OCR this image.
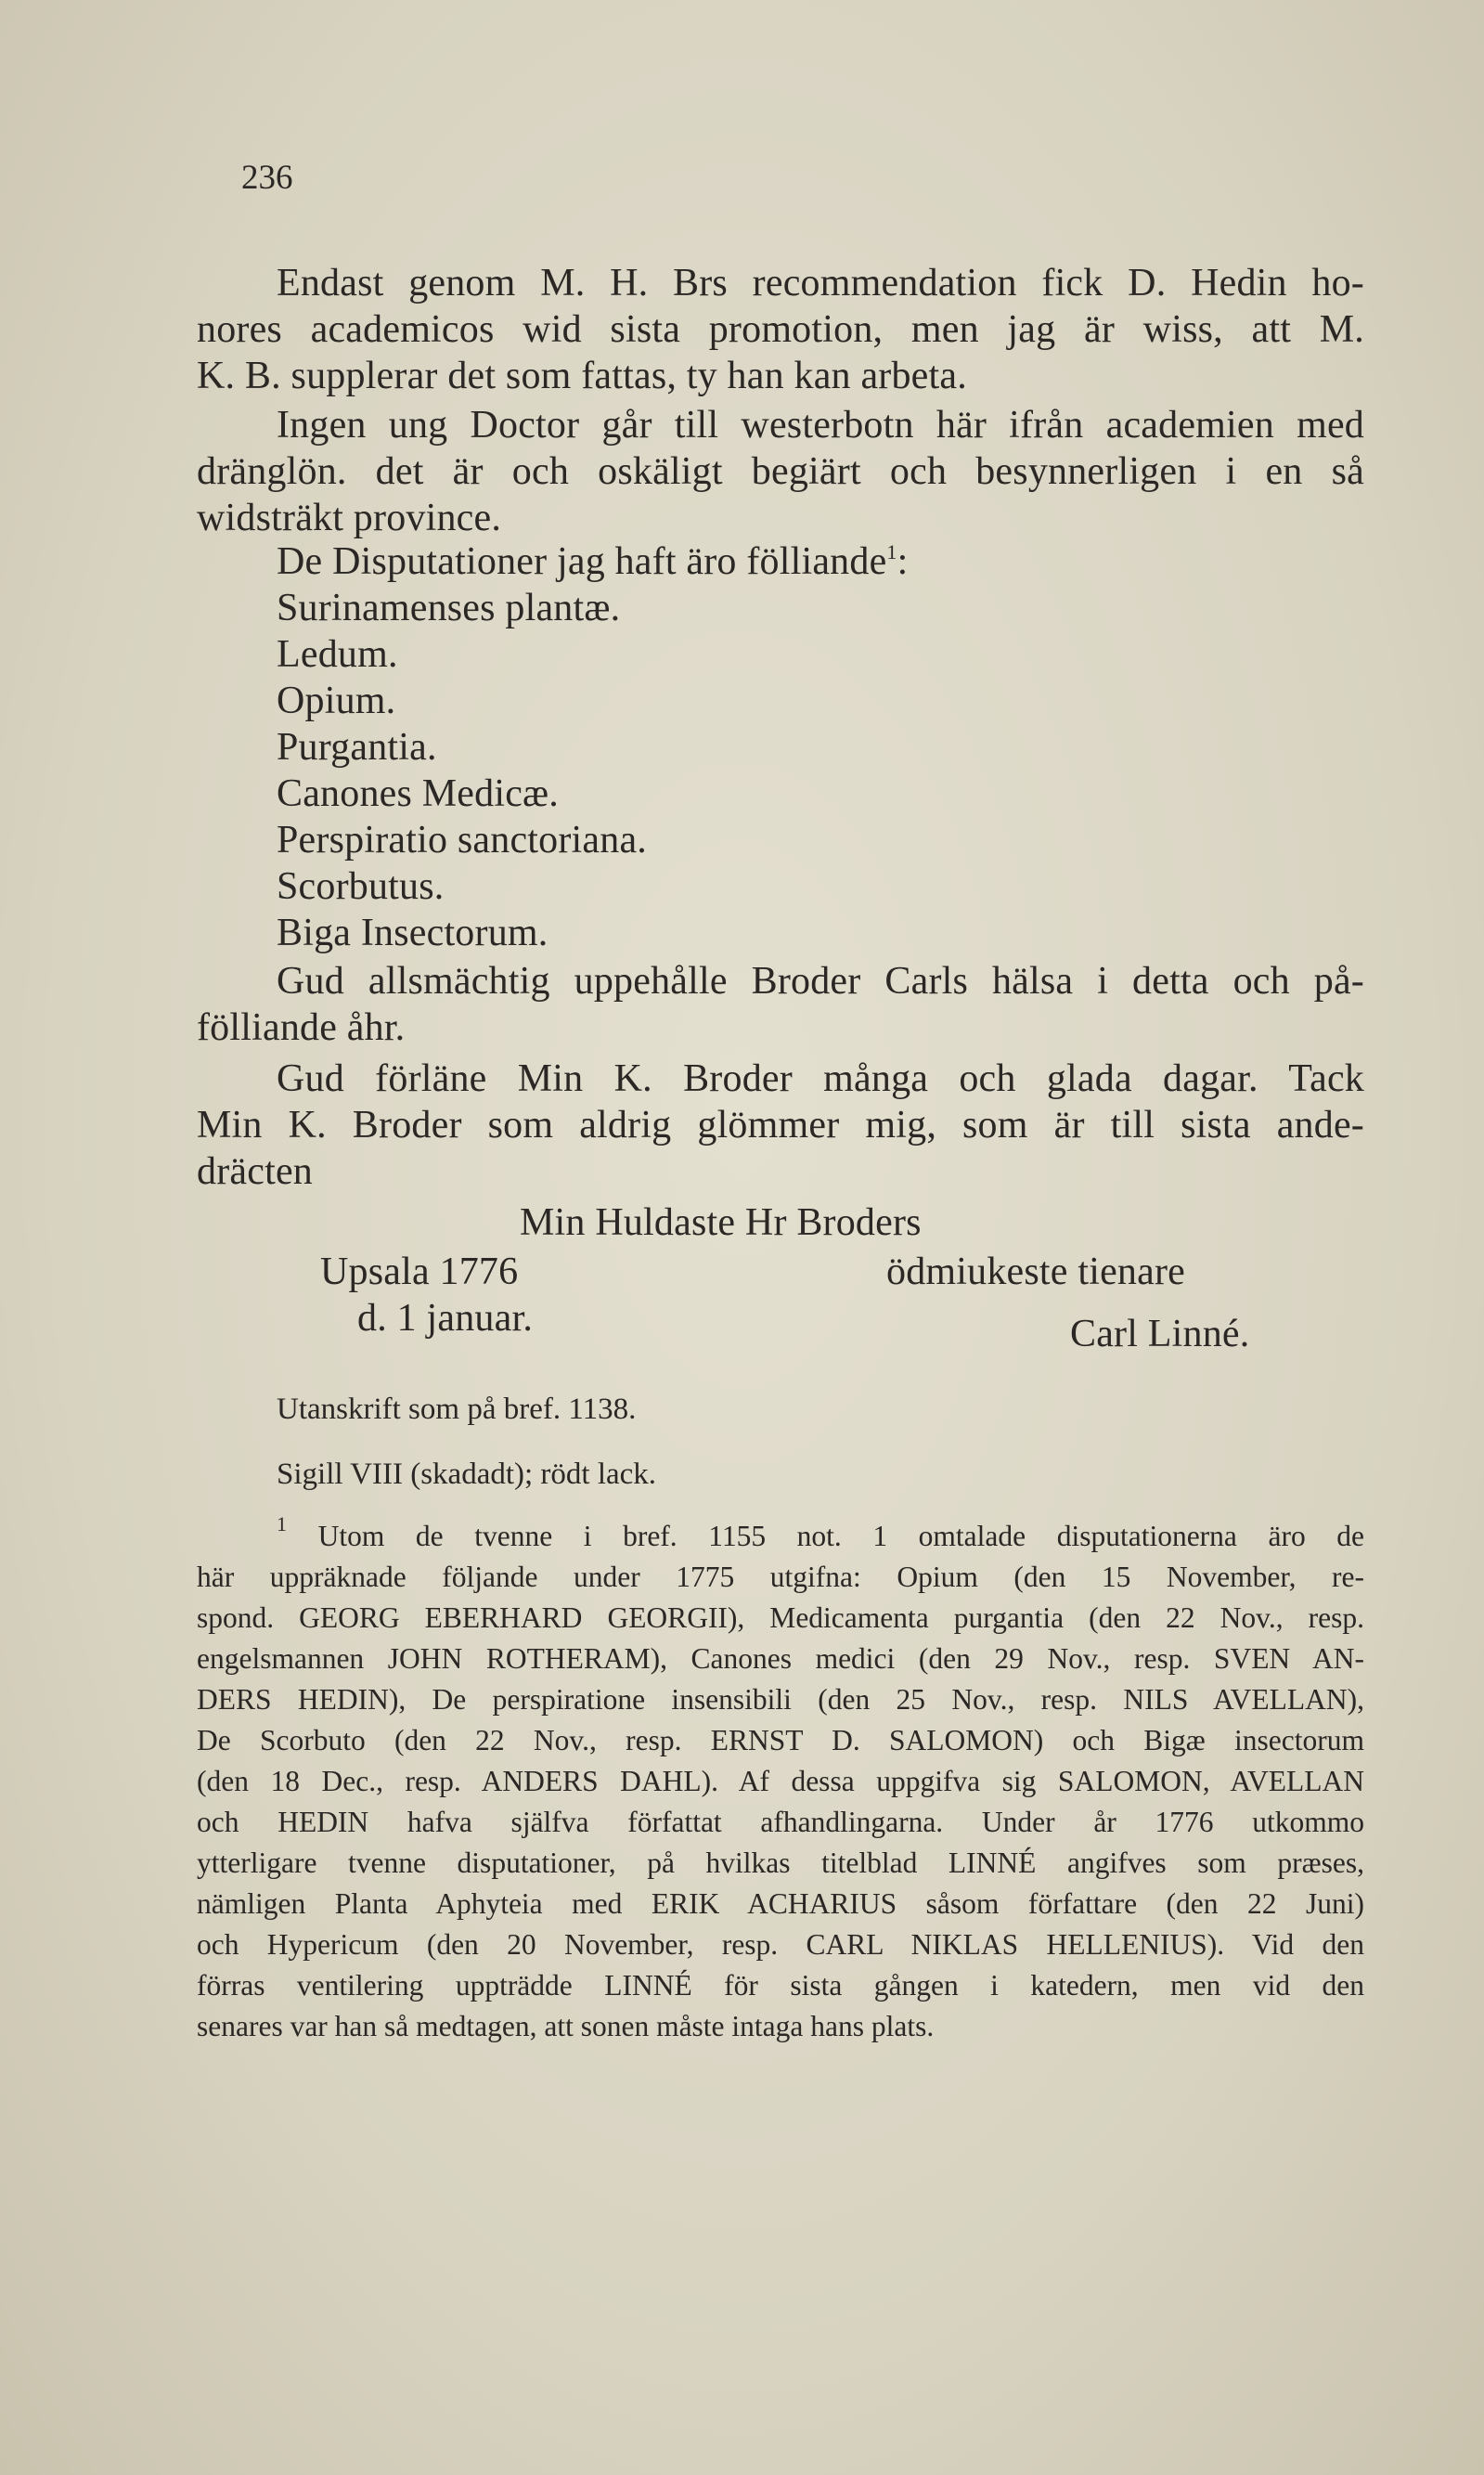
236
Endast genom M. H. Brs recommendation fick D. Hedin ho-
nores academicos wid sista promotion, men jag är wiss, att M.
K. B. supplerar det som fattas, ty han kan arbeta.
Ingen ung Doctor går till westerbotn här ifrån academien med
dränglön. det är och oskäligt begiärt och besynnerligen i en så
widsträkt province.
De Disputationer jag haft äro fölliande$^1$:
Surinamenses plantæ.
Ledum.
Opium.
Purgantia.
Canones Medicæ.
Perspiratio sanctoriana.
Scorbutus.
Biga Insectorum.
Gud allsmächtig uppehålle Broder Carls hälsa i detta och på-
fölliande åhr.
Gud förläne Min K. Broder många och glada dagar. Tack
Min K. Broder som aldrig glömmer mig, som är till sista ande-
dräcten
Min Huldaste Hr Broders
Upsala 1776	ödmiukeste tienare
d. 1 januar.	Carl Linné.
Utanskrift som på bref. 1138.
Sigill VIII (skadadt); rödt lack.
$^1$ Utom de tvenne i bref. 1155 not. 1 omtalade disputationerna äro de
här uppräknade följande under 1775 utgifna: Opium (den 15 November, re-
spond. GEORG EBERHARD GEORGII), Medicamenta purgantia (den 22 Nov., resp.
engelsmannen JOHN ROTHERAM), Canones medici (den 29 Nov., resp. SVEN AN-
DERS HEDIN), De perspiratione insensibili (den 25 Nov., resp. NILS AVELLAN),
De Scorbuto (den 22 Nov., resp. ERNST D. SALOMON) och Bigæ insectorum
(den 18 Dec., resp. ANDERS DAHL). Af dessa uppgifva sig SALOMON, AVELLAN
och HEDIN hafva själfva författat afhandlingarna. Under år 1776 utkommo
ytterligare tvenne disputationer, på hvilkas titelblad LINNÉ angifves som præses,
nämligen Planta Aphyteia med ERIK ACHARIUS såsom författare (den 22 Juni)
och Hypericum (den 20 November, resp. CARL NIKLAS HELLENIUS). Vid den
förras ventilering uppträdde LINNÉ för sista gången i katedern, men vid den
senares var han så medtagen, att sonen måste intaga hans plats.
